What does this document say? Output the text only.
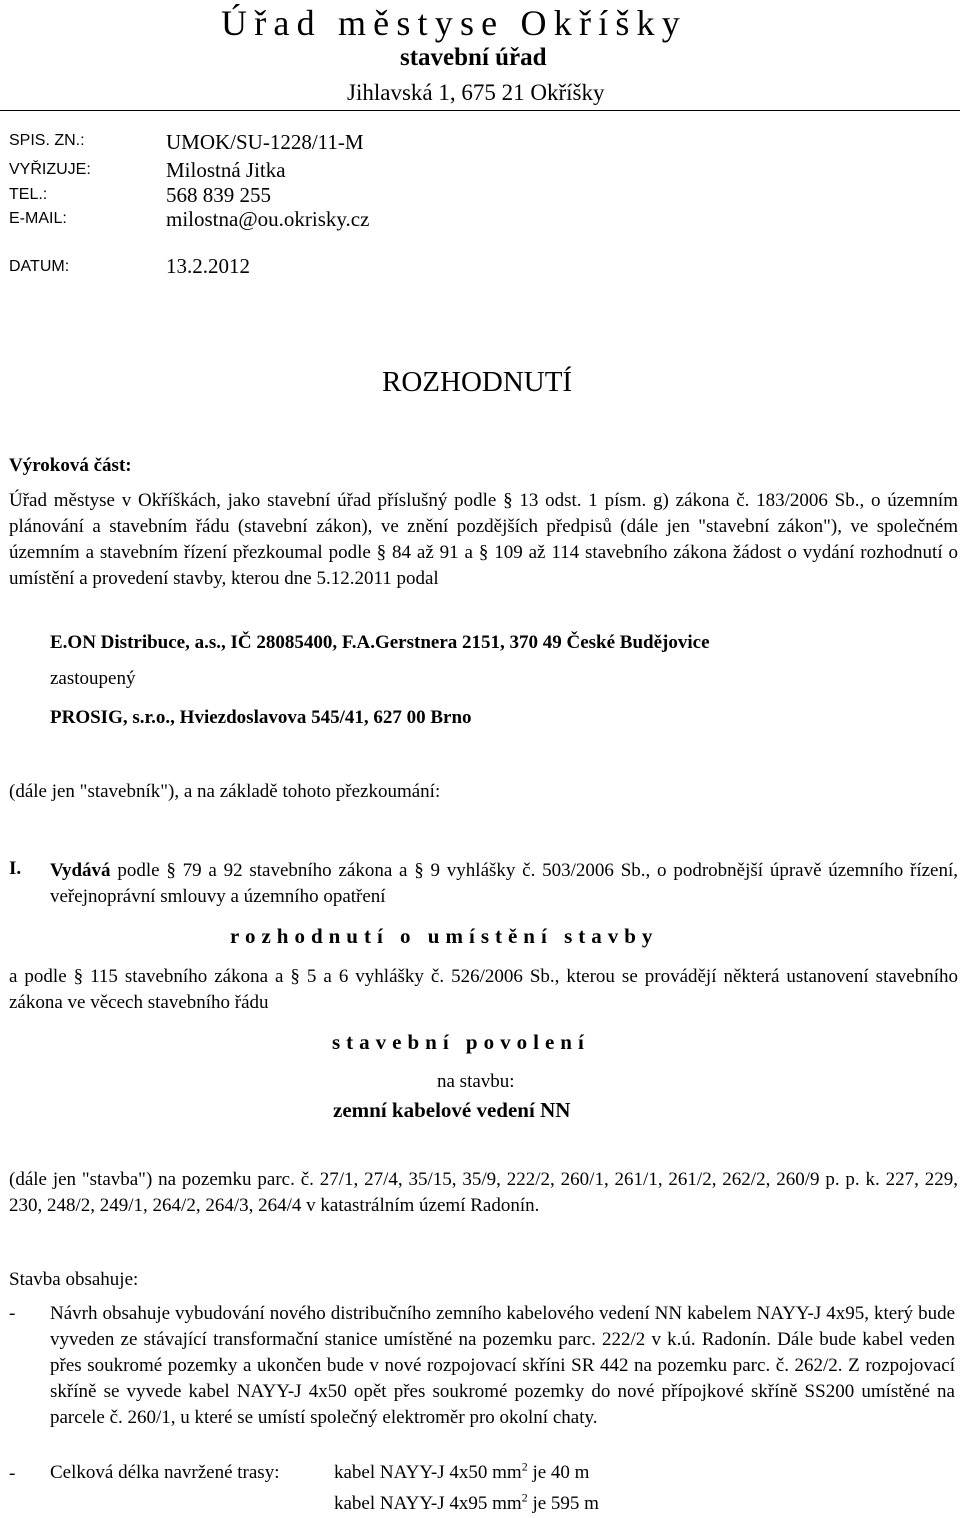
Úřad městyse Okříšky
stavební úřad
Jihlavská 1, 675 21 Okříšky
SPIS. ZN.:	UMOK/SU-1228/11-M
VYŘIZUJE:	Milostná Jitka
TEL.:	568 839 255
E-MAIL:	milostna@ou.okrisky.cz
DATUM:	13.2.2012
ROZHODNUTÍ
Výroková část:

Úřad městyse v Okříškách, jako stavební úřad příslušný podle § 13 odst. 1 písm. g) zákona č. 183/2006 Sb., o územním plánování a stavebním řádu (stavební zákon), ve znění pozdějších předpisů (dále jen "stavební zákon"), ve společném územním a stavebním řízení přezkoumal podle § 84 až 91 a § 109 až 114 stavebního zákona žádost o vydání rozhodnutí o umístění a provedení stavby, kterou dne 5.12.2011 podal

E.ON Distribuce, a.s., IČ 28085400, F.A.Gerstnera 2151, 370 49 České Budějovice
zastoupený
PROSIG, s.r.o., Hviezdoslavova 545/41, 627 00 Brno
(dále jen "stavebník"), a na základě tohoto přezkoumání:
I. Vydává podle § 79 a 92 stavebního zákona a § 9 vyhlášky č. 503/2006 Sb., o podrobnější úpravě územního řízení, veřejnoprávní smlouvy a územního opatření

rozhodnutí o umístění stavby

a podle § 115 stavebního zákona a § 5 a 6 vyhlášky č. 526/2006 Sb., kterou se provádějí některá ustanovení stavebního zákona ve věcech stavebního řádu

stavební povolení
na stavbu:
zemní kabelové vedení NN

(dále jen "stavba") na pozemku parc. č. 27/1, 27/4, 35/15, 35/9, 222/2, 260/1, 261/1, 261/2, 262/2, 260/9 p. p. k. 227, 229, 230, 248/2, 249/1, 264/2, 264/3, 264/4 v katastrálním území Radonín.

Stavba obsahuje:
- Návrh obsahuje vybudování nového distribučního zemního kabelového vedení NN kabelem NAYY-J 4x95, který bude vyveden ze stávající transformační stanice umístěné na pozemku parc. 222/2 v k.ú. Radonín. Dále bude kabel veden přes soukromé pozemky a ukončen bude v nové rozpojovací skříni SR 442 na pozemku parc. č. 262/2. Z rozpojovací skříně se vyvede kabel NAYY-J 4x50 opět přes soukromé pozemky do nové přípojkové skříně SS200 umístěné na parcele č. 260/1, u které se umístí společný elektroměr pro okolní chaty.

- Celková délka navržené trasy:	kabel NAYY-J 4x50 $mm^2$ je 40 m
kabel NAYY-J 4x95 $mm^2$ je 595 m
